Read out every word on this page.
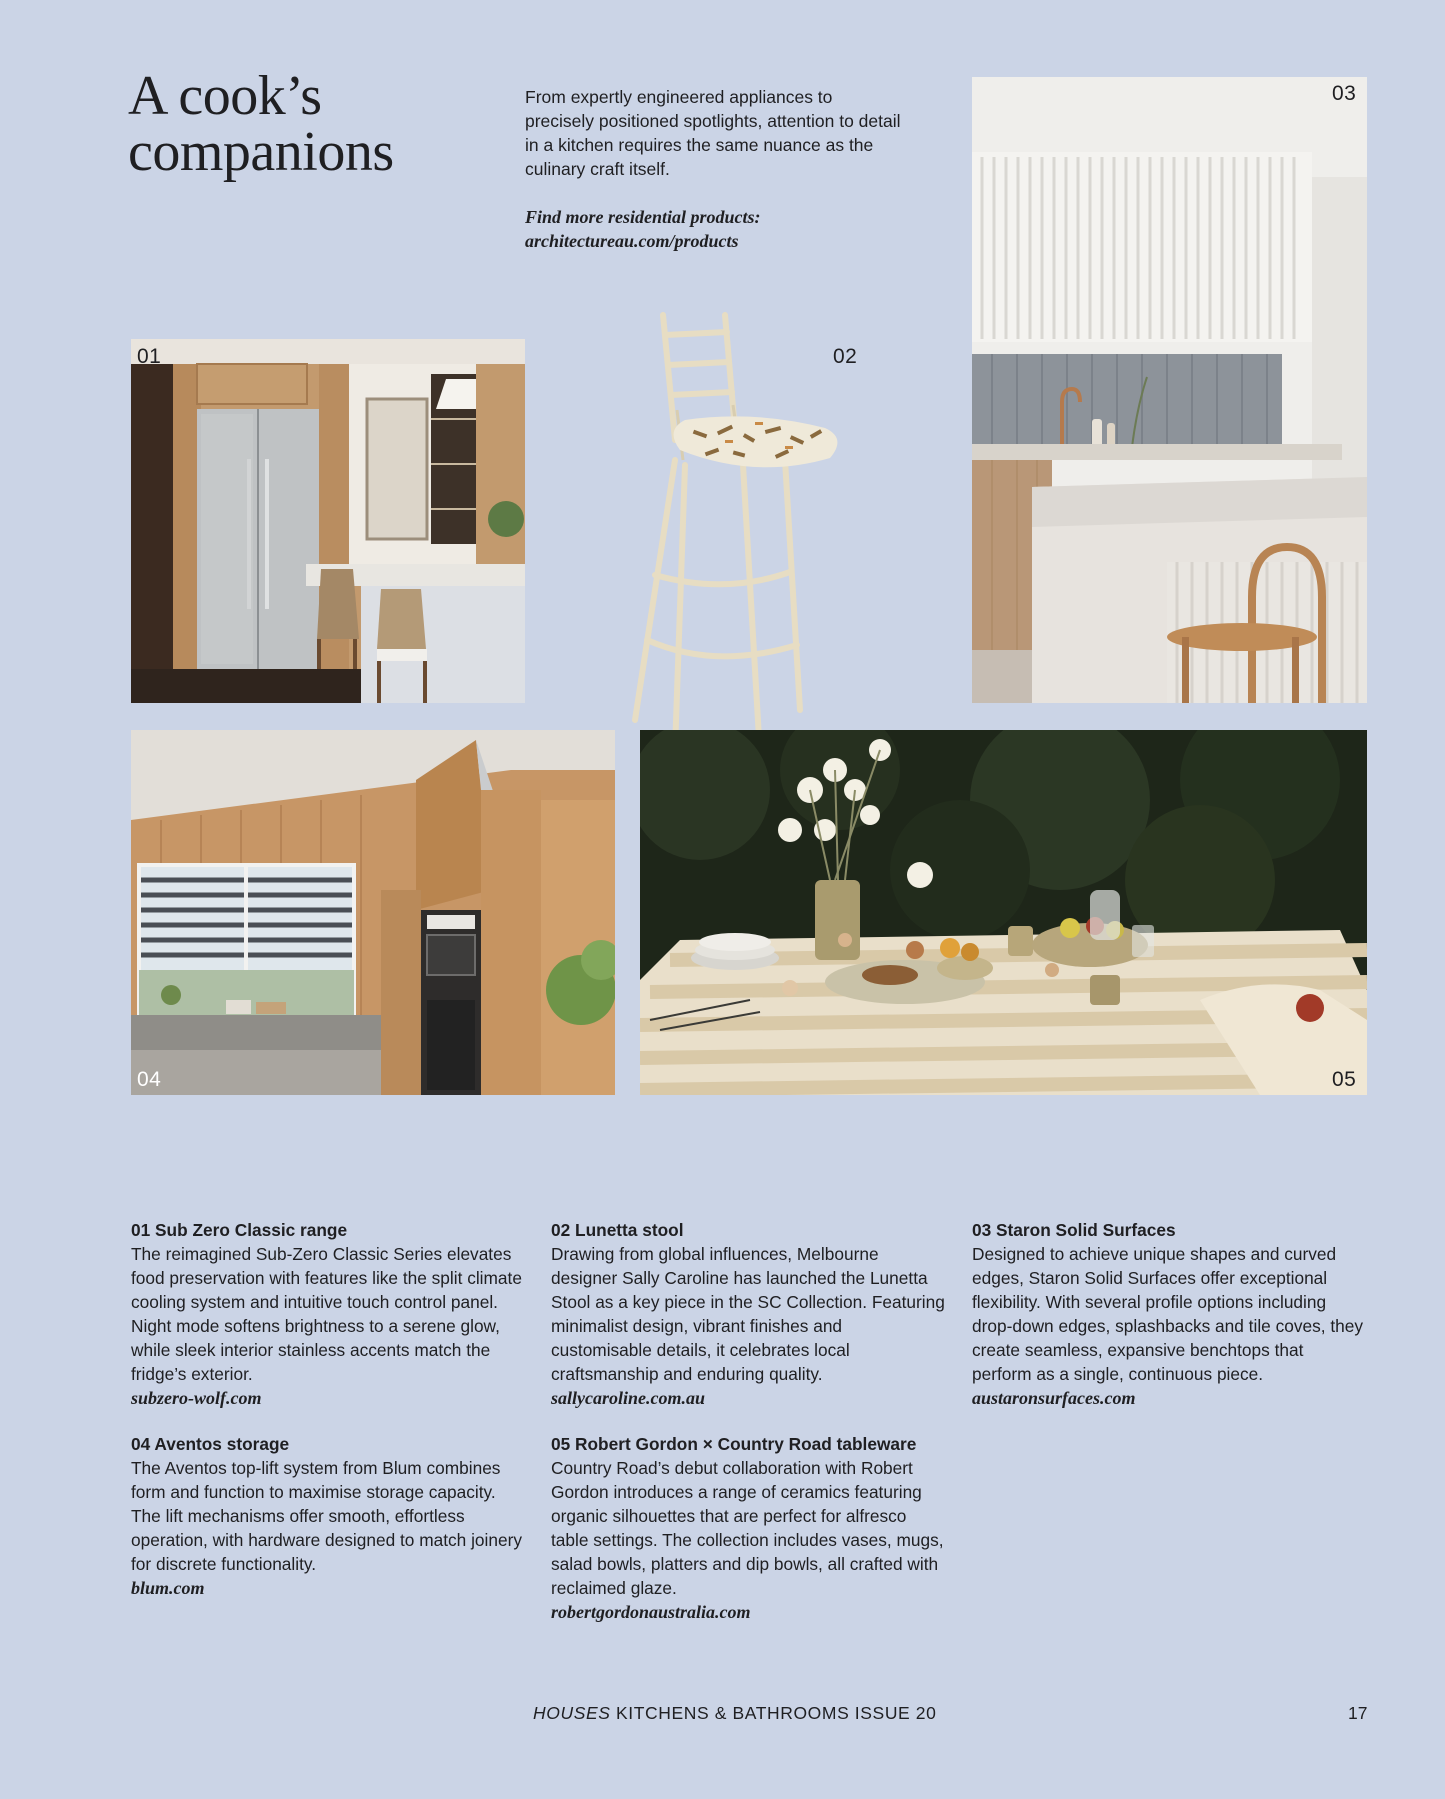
A cook’s
companions

From expertly engineered appliances to precisely positioned spotlights, attention to detail in a kitchen requires the same nuance as the culinary craft itself.

Find more residential products:
architectureau.com/products

03
01	02
04	05
01 Sub Zero Classic range
The reimagined Sub-Zero Classic Series elevates food preservation with features like the split climate cooling system and intuitive touch control panel. Night mode softens brightness to a serene glow, while sleek interior stainless accents match the fridge’s exterior.
subzero-wolf.com
02 Lunetta stool
Drawing from global influences, Melbourne designer Sally Caroline has launched the Lunetta Stool as a key piece in the SC Collection. Featuring minimalist design, vibrant finishes and customisable details, it celebrates local craftsmanship and enduring quality.
sallycaroline.com.au
03 Staron Solid Surfaces
Designed to achieve unique shapes and curved edges, Staron Solid Surfaces offer exceptional flexibility. With several profile options including drop-down edges, splashbacks and tile coves, they create seamless, expansive benchtops that perform as a single, continuous piece.
austaronsurfaces.com
04 Aventos storage
The Aventos top-lift system from Blum combines form and function to maximise storage capacity. The lift mechanisms offer smooth, effortless operation, with hardware designed to match joinery for discrete functionality.
blum.com
05 Robert Gordon × Country Road tableware
Country Road’s debut collaboration with Robert Gordon introduces a range of ceramics featuring organic silhouettes that are perfect for alfresco table settings. The collection includes vases, mugs, salad bowls, platters and dip bowls, all crafted with reclaimed glaze.
robertgordonaustralia.com
HOUSES KITCHENS & BATHROOMS ISSUE 20	17
